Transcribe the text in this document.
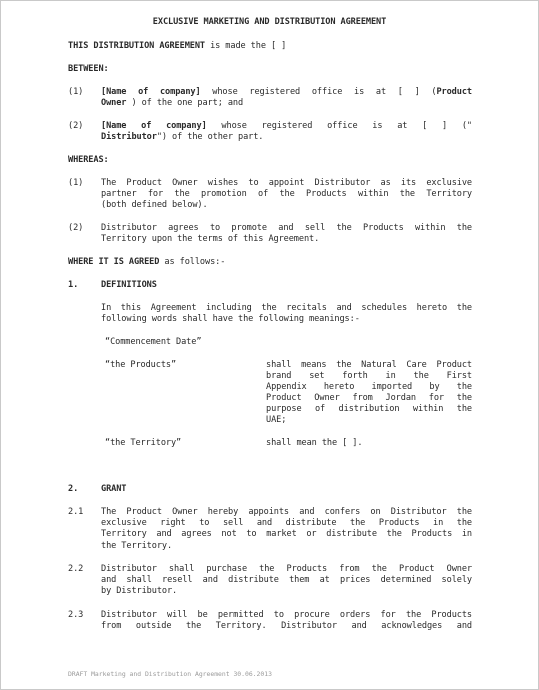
EXCLUSIVE MARKETING AND DISTRIBUTION AGREEMENT
THIS DISTRIBUTION AGREEMENT is made the [ ]
BETWEEN:
(1) [Name of company] whose registered office is at [ ] (Product
Owner ) of the one part; and
(2) [Name of company] whose registered office is at [ ] ("
Distributor") of the other part.
WHEREAS:
(1) The Product Owner wishes to appoint Distributor as its exclusive
partner for the promotion of the Products within the Territory
(both defined below).
(2) Distributor agrees to promote and sell the Products within the
Territory upon the terms of this Agreement.
WHERE IT IS AGREED as follows:-
1.	DEFINITIONS
In this Agreement including the recitals and schedules hereto the
following words shall have the following meanings:-
“Commencement Date”
“the Products”	shall means the Natural Care Product
brand set forth in the First
Appendix hereto imported by the
Product Owner from Jordan for the
purpose of distribution within the
UAE;
“the Territory”	shall mean the [ ].
2.	GRANT
2.1 The Product Owner hereby appoints and confers on Distributor the
exclusive right to sell and distribute the Products in the
Territory and agrees not to market or distribute the Products in
the Territory.
2.2 Distributor shall purchase the Products from the Product Owner
and shall resell and distribute them at prices determined solely
by Distributor.
2.3 Distributor will be permitted to procure orders for the Products
from outside the Territory. Distributor and acknowledges and
DRAFT Marketing and Distribution Agreement 30.06.2013
